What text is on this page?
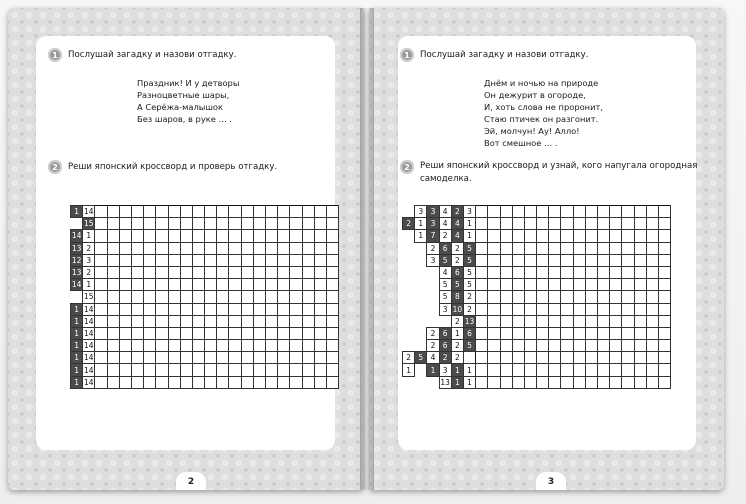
1	Послушай загадку и назови отгадку.
Праздник! И у детворы
Разноцветные шары,
А Серёжа-малышок
Без шаров, в руке … .
2	Реши японский кроссворд и проверь отгадку.
1	14																				
	15																				
14	1																				
13	2																				
12	3																				
13	2																				
14	1																				
	15																				
1	14																				
1	14																				
1	14																				
1	14																				
1	14																				
1	14																				
1	14																				
2
1	Послушай загадку и назови отгадку.
Днём и ночью на природе
Он дежурит в огороде,
И, хоть слова не проронит,
Стаю птичек он разгонит.
Эй, молчун! Ау! Алло!
Вот смешное … .
2	Реши японский кроссворд и узнай, кого напугала огородная самоделка.
	3	3	4	2	3																
2	1	3	4	4	1																
	1	7	2	4	1																
		2	6	2	5																
		3	5	2	5																
			4	6	5																
			5	5	5																
			5	8	2																
			3	10	2																
				2	13																
		2	6	1	6																
		2	6	2	5																
2	5	4	2	2																	
1		1	3	1	1																
			13	1	1																
3
